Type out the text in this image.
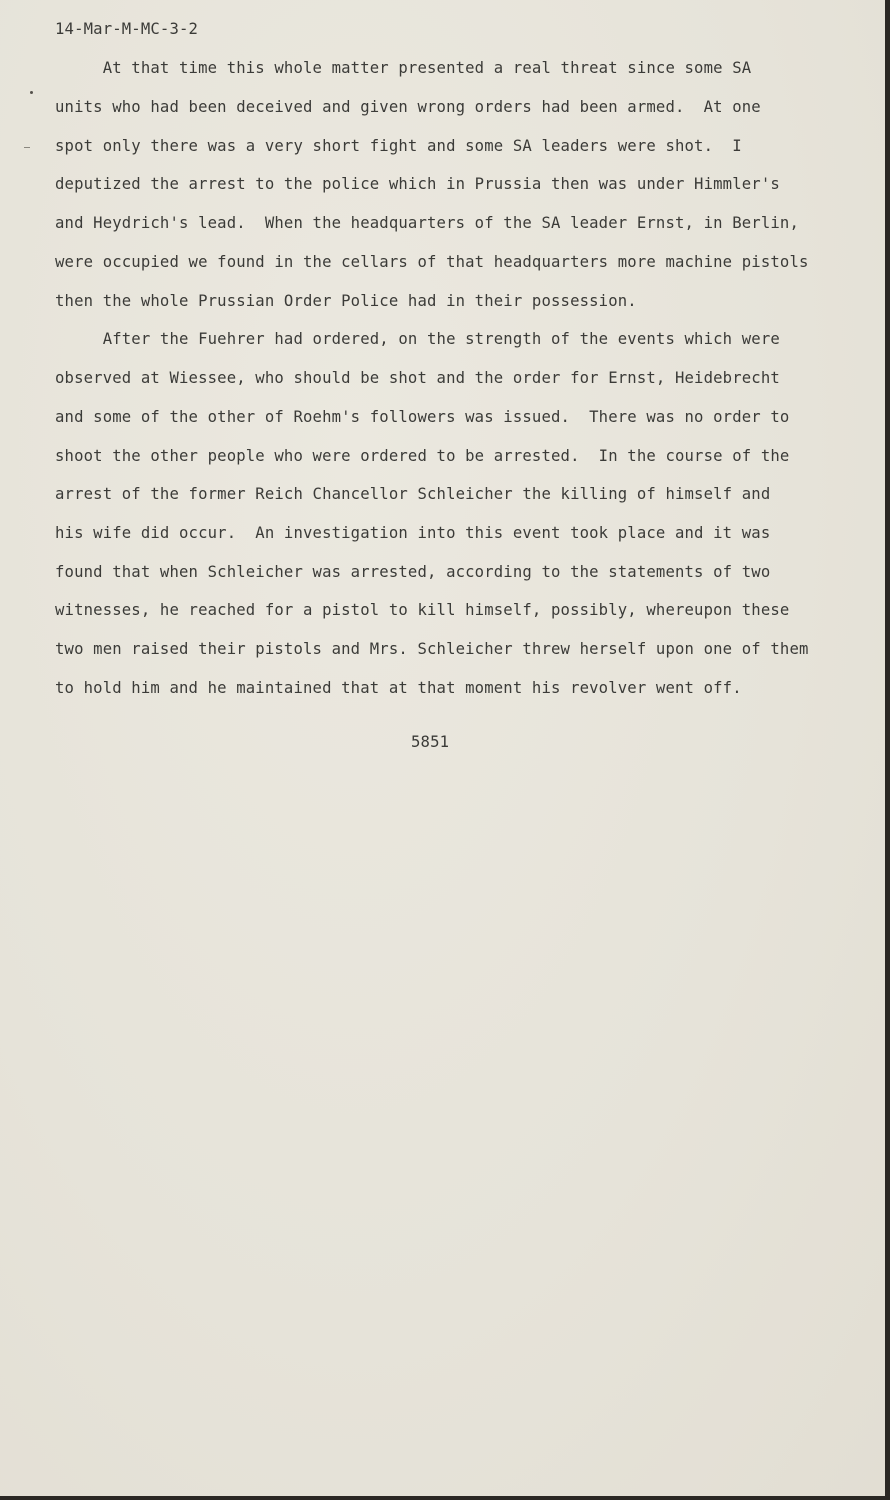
14-Mar-M-MC-3-2
At that time this whole matter presented a real threat since some SA
units who had been deceived and given wrong orders had been armed.  At one
spot only there was a very short fight and some SA leaders were shot.  I
deputized the arrest to the police which in Prussia then was under Himmler's
and Heydrich's lead.  When the headquarters of the SA leader Ernst, in Berlin,
were occupied we found in the cellars of that headquarters more machine pistols
then the whole Prussian Order Police had in their possession.
After the Fuehrer had ordered, on the strength of the events which were
observed at Wiessee, who should be shot and the order for Ernst, Heidebrecht
and some of the other of Roehm's followers was issued.  There was no order to
shoot the other people who were ordered to be arrested.  In the course of the
arrest of the former Reich Chancellor Schleicher the killing of himself and
his wife did occur.  An investigation into this event took place and it was
found that when Schleicher was arrested, according to the statements of two
witnesses, he reached for a pistol to kill himself, possibly, whereupon these
two men raised their pistols and Mrs. Schleicher threw herself upon one of them
to hold him and he maintained that at that moment his revolver went off.
5851
